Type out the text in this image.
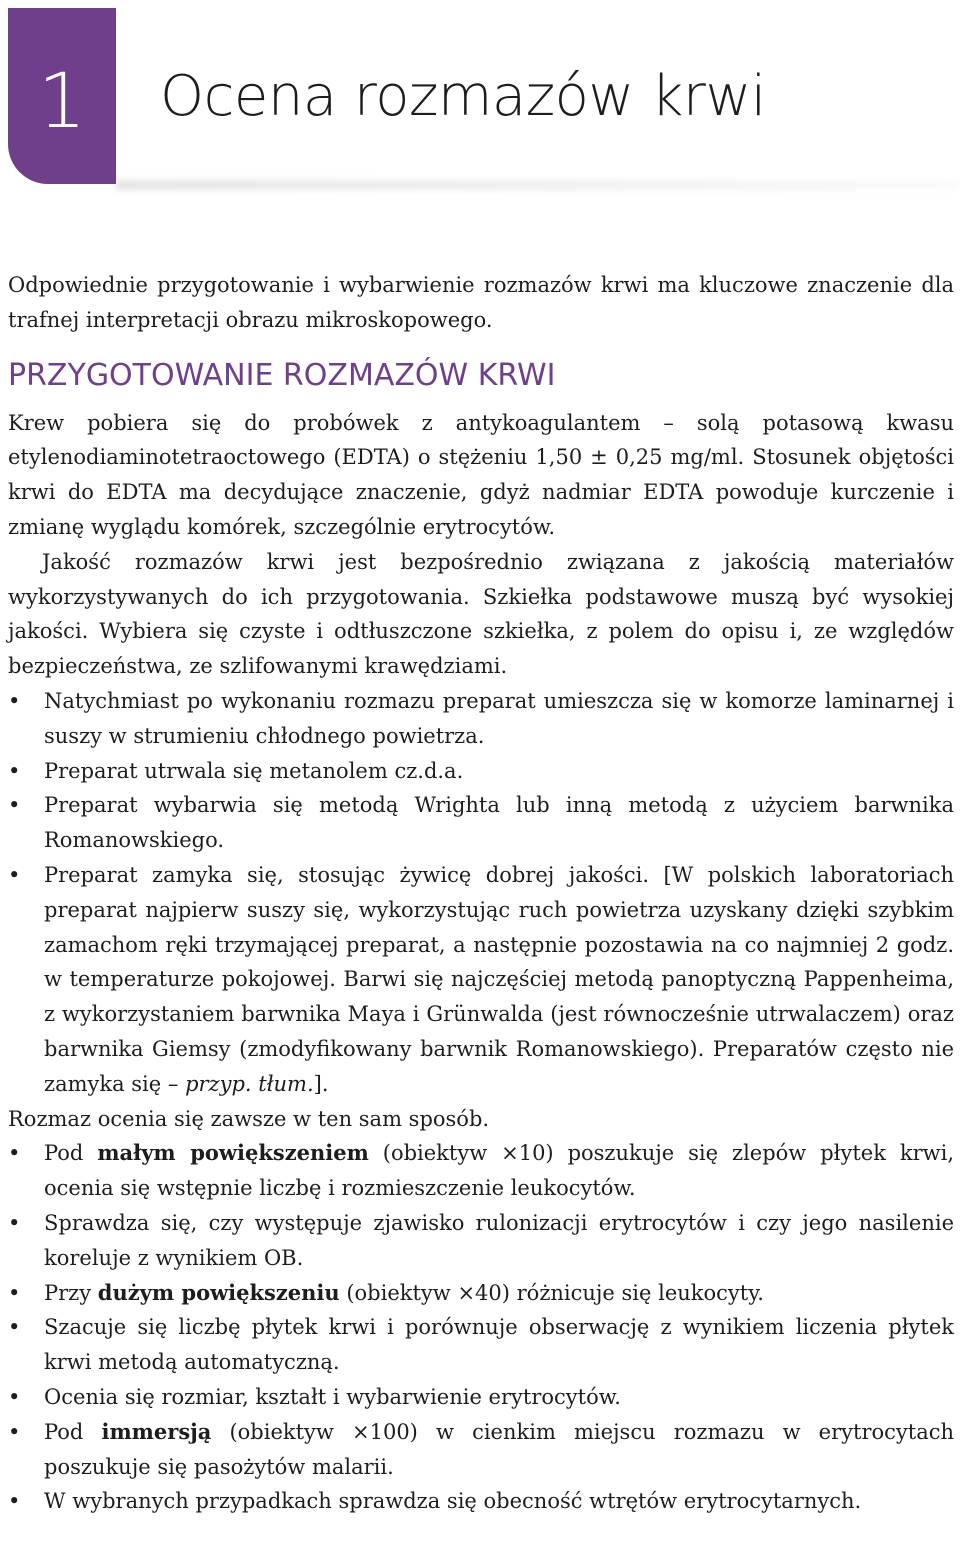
1 Ocena rozmazów krwi

Odpowiednie przygotowanie i wybarwienie rozmazów krwi ma kluczowe znaczenie dla trafnej interpretacji obrazu mikroskopowego.

PRZYGOTOWANIE ROZMAZÓW KRWI

Krew pobiera się do probówek z antykoagulantem – solą potasową kwasu etylenodiaminotetraoctowego (EDTA) o stężeniu 1,50 ± 0,25 mg/ml. Stosunek objętości krwi do EDTA ma decydujące znaczenie, gdyż nadmiar EDTA powoduje kurczenie i zmianę wyglądu komórek, szczególnie erytrocytów.

Jakość rozmazów krwi jest bezpośrednio związana z jakością materiałów wykorzystywanych do ich przygotowania. Szkiełka podstawowe muszą być wysokiej jakości. Wybiera się czyste i odtłuszczone szkiełka, z polem do opisu i, ze względów bezpieczeństwa, ze szlifowanymi krawędziami.

• Natychmiast po wykonaniu rozmazu preparat umieszcza się w komorze laminarnej i suszy w strumieniu chłodnego powietrza.
• Preparat utrwala się metanolem cz.d.a.
• Preparat wybarwia się metodą Wrighta lub inną metodą z użyciem barwnika Romanowskiego.
• Preparat zamyka się, stosując żywicę dobrej jakości. [W polskich laboratoriach preparat najpierw suszy się, wykorzystując ruch powietrza uzyskany dzięki szybkim zamachom ręki trzymającej preparat, a następnie pozostawia na co najmniej 2 godz. w temperaturze pokojowej. Barwi się najczęściej metodą panoptyczną Pappenheima, z wykorzystaniem barwnika Maya i Grünwalda (jest równocześnie utrwalaczem) oraz barwnika Giemsy (zmodyfikowany barwnik Romanowskiego). Preparatów często nie zamyka się – przyp. tłum.].

Rozmaz ocenia się zawsze w ten sam sposób.

• Pod małym powiększeniem (obiektyw ×10) poszukuje się zlepów płytek krwi, ocenia się wstępnie liczbę i rozmieszczenie leukocytów.
• Sprawdza się, czy występuje zjawisko rulonizacji erytrocytów i czy jego nasilenie koreluje z wynikiem OB.
• Przy dużym powiększeniu (obiektyw ×40) różnicuje się leukocyty.
• Szacuje się liczbę płytek krwi i porównuje obserwację z wynikiem liczenia płytek krwi metodą automatyczną.
• Ocenia się rozmiar, kształt i wybarwienie erytrocytów.
• Pod immersją (obiektyw ×100) w cienkim miejscu rozmazu w erytrocytach poszukuje się pasożytów malarii.
• W wybranych przypadkach sprawdza się obecność wtrętów erytrocytarnych.
